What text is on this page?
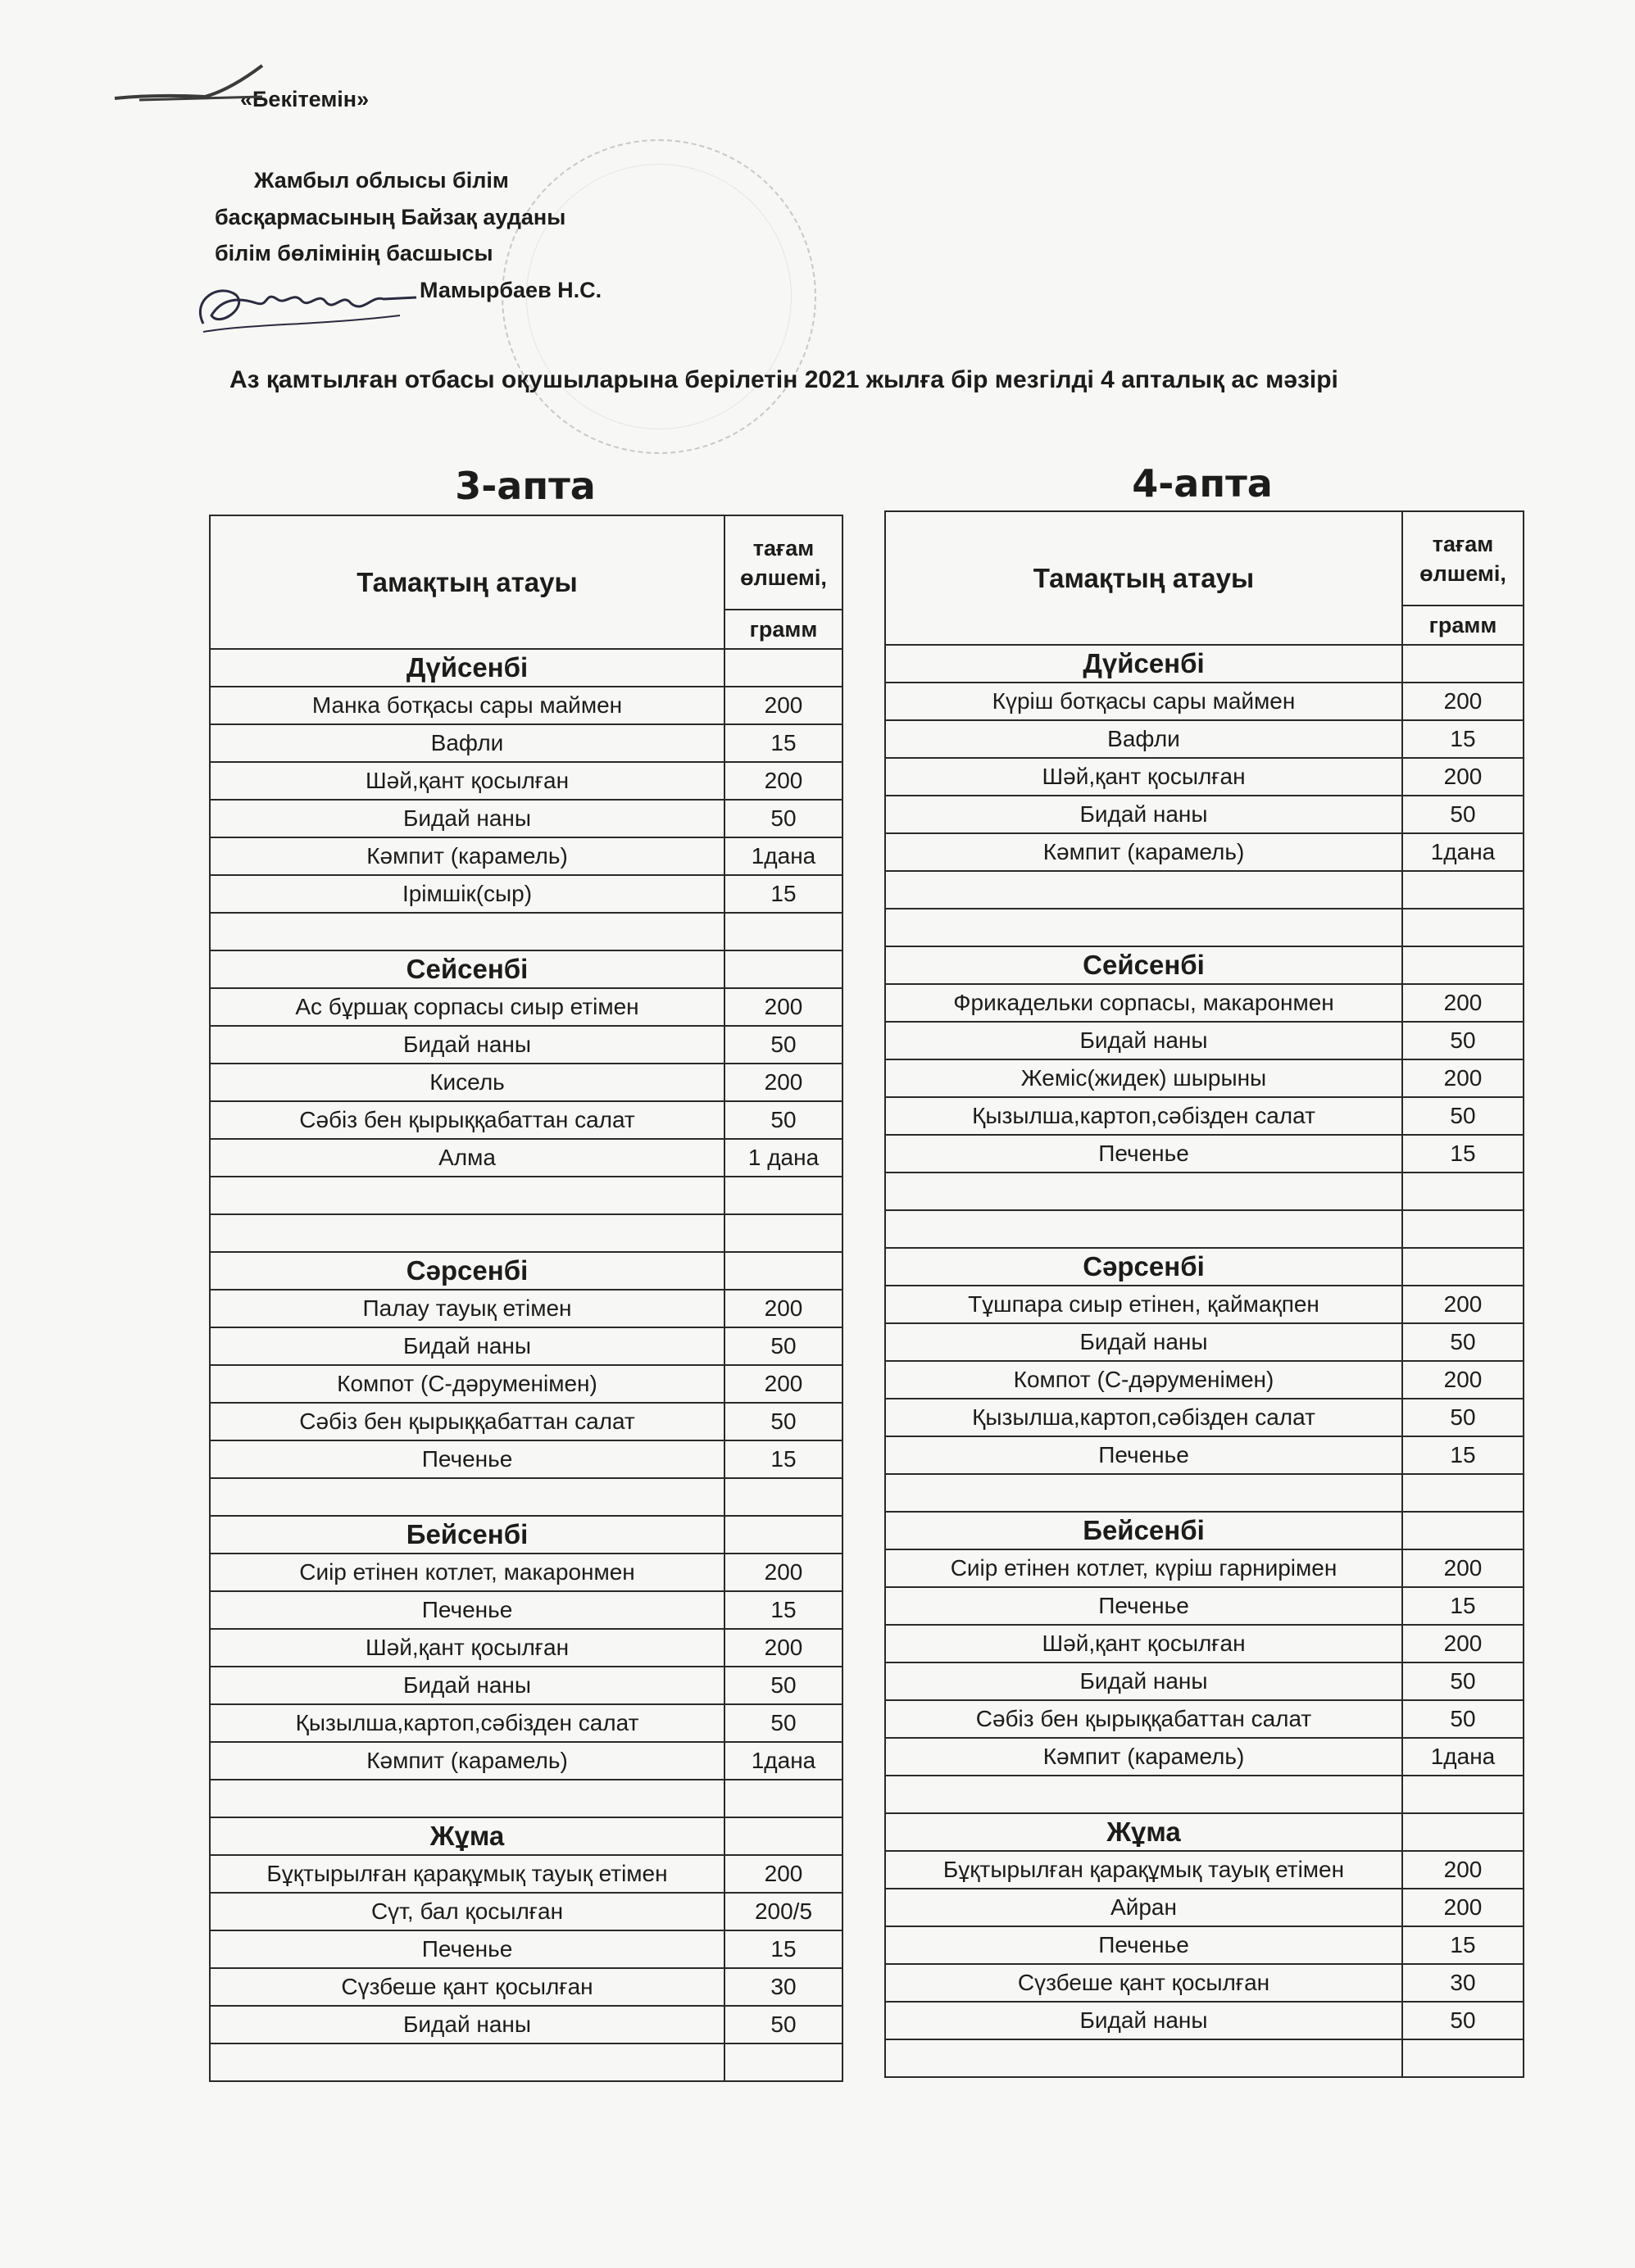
«Бекітемін»
Жамбыл облысы білім
басқармасының Байзақ ауданы
білім бөлімінің басшысы
Мамырбаев Н.С.
Аз қамтылған отбасы оқушыларына берілетін 2021 жылға бір мезгілді 4 апталық ас мәзірі
3-апта	4-апта
Тамақтың атауы	тағам
өлшемі,
	грамм
Дүйсенбі	
Манка ботқасы сары маймен	200
Вафли	15
Шәй,қант қосылған	200
Бидай наны	50
Кәмпит (карамель)	1дана
Ірімшік(сыр)	15

Сейсенбі	
Ас бұршақ сорпасы сиыр етімен	200
Бидай наны	50
Кисель	200
Сәбіз бен қырыққабаттан салат	50
Алма	1 дана

Сәрсенбі	
Палау тауық етімен	200
Бидай наны	50
Компот (С-дәруменімен)	200
Сәбіз бен қырыққабаттан салат	50
Печенье	15

Бейсенбі	
Сиір етінен котлет, макаронмен	200
Печенье	15
Шәй,қант қосылған	200
Бидай наны	50
Қызылша,картоп,сәбізден салат	50
Кәмпит (карамель)	1дана

Жұма	
Бұқтырылған қарақұмық тауық етімен	200
Сүт, бал қосылған	200/5
Печенье	15
Сүзбеше қант қосылған	30
Бидай наны	50

Тамақтың атауы	тағам
өлшемі,
	грамм
Дүйсенбі	
Күріш ботқасы сары маймен	200
Вафли	15
Шәй,қант қосылған	200
Бидай наны	50
Кәмпит (карамель)	1дана

Сейсенбі	
Фрикадельки сорпасы, макаронмен	200
Бидай наны	50
Жеміс(жидек) шырыны	200
Қызылша,картоп,сәбізден салат	50
Печенье	15

Сәрсенбі	
Тұшпара сиыр етінен, қаймақпен	200
Бидай наны	50
Компот (С-дәруменімен)	200
Қызылша,картоп,сәбізден салат	50
Печенье	15

Бейсенбі	
Сиір етінен котлет, күріш гарнирімен	200
Печенье	15
Шәй,қант қосылған	200
Бидай наны	50
Сәбіз бен қырыққабаттан салат	50
Кәмпит (карамель)	1дана

Жұма	
Бұқтырылған қарақұмық тауық етімен	200
Айран	200
Печенье	15
Сүзбеше қант қосылған	30
Бидай наны	50
